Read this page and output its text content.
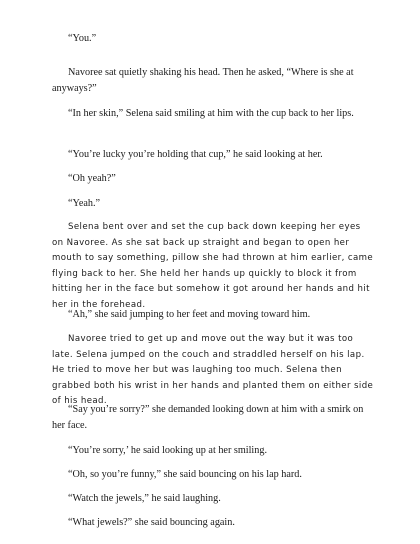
“You.”

Navoree sat quietly shaking his head. Then he asked, “Where is she at anyways?”

“In her skin,” Selena said smiling at him with the cup back to her lips.

“You’re lucky you’re holding that cup,” he said looking at her.

“Oh yeah?”

“Yeah.”

Selena bent over and set the cup back down keeping her eyes on Navoree. As she sat back up straight and began to open her mouth to say something, pillow she had thrown at him earlier, came flying back to her. She held her hands up quickly to block it from hitting her in the face but somehow it got around her hands and hit her in the forehead.

“Ah,” she said jumping to her feet and moving toward him.

Navoree tried to get up and move out the way but it was too late. Selena jumped on the couch and straddled herself on his lap. He tried to move her but was laughing too much. Selena then grabbed both his wrist in her hands and planted them on either side of his head.

“Say you’re sorry?” she demanded looking down at him with a smirk on her face.

“You’re sorry,’ he said looking up at her smiling.

“Oh, so you’re funny,” she said bouncing on his lap hard.

“Watch the jewels,” he said laughing.

“What jewels?” she said bouncing again.
